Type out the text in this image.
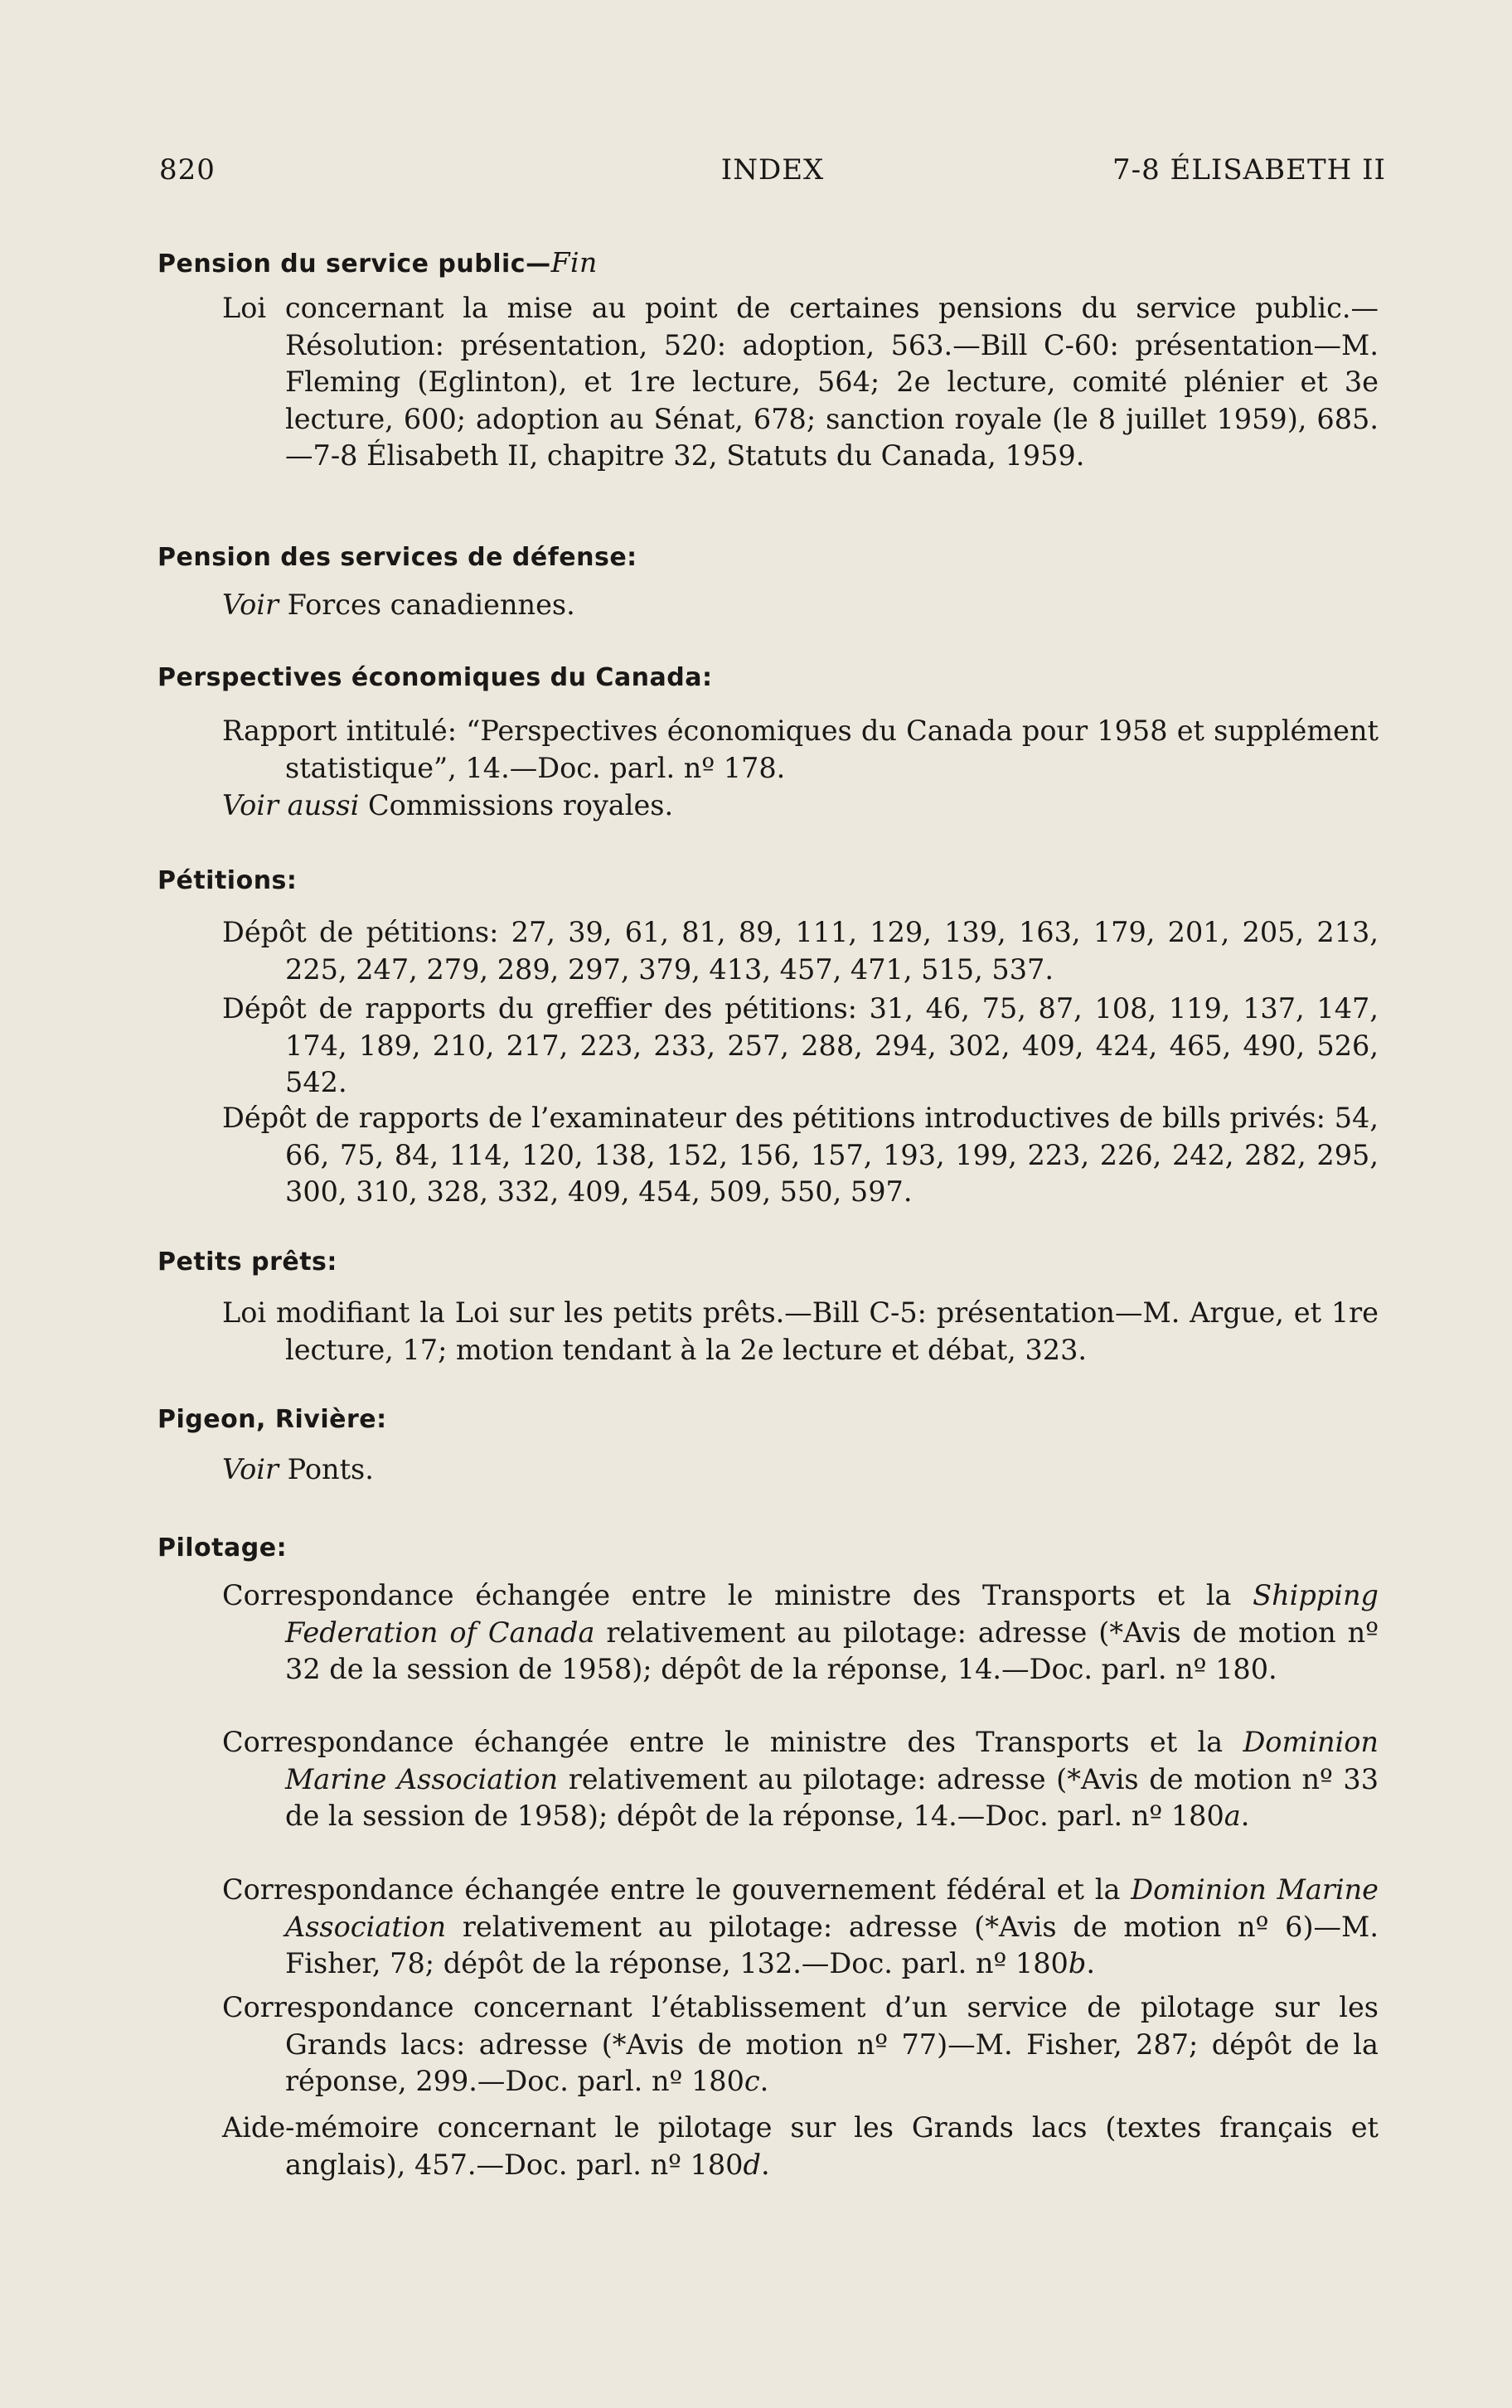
820	INDEX	7-8 ÉLISABETH II
Pension du service public—Fin
Loi concernant la mise au point de certaines pensions du service public.—Résolution: présentation, 520: adoption, 563.—Bill C-60: présentation—M. Fleming (Eglinton), et 1re lecture, 564; 2e lecture, comité plénier et 3e lecture, 600; adoption au Sénat, 678; sanction royale (le 8 juillet 1959), 685.—7-8 Élisabeth II, chapitre 32, Statuts du Canada, 1959.
Pension des services de défense:
Voir Forces canadiennes.
Perspectives économiques du Canada:
Rapport intitulé: “Perspectives économiques du Canada pour 1958 et supplément statistique”, 14.—Doc. parl. nº 178.
Voir aussi Commissions royales.
Pétitions:
Dépôt de pétitions: 27, 39, 61, 81, 89, 111, 129, 139, 163, 179, 201, 205, 213, 225, 247, 279, 289, 297, 379, 413, 457, 471, 515, 537.
Dépôt de rapports du greffier des pétitions: 31, 46, 75, 87, 108, 119, 137, 147, 174, 189, 210, 217, 223, 233, 257, 288, 294, 302, 409, 424, 465, 490, 526, 542.
Dépôt de rapports de l’examinateur des pétitions introductives de bills privés: 54, 66, 75, 84, 114, 120, 138, 152, 156, 157, 193, 199, 223, 226, 242, 282, 295, 300, 310, 328, 332, 409, 454, 509, 550, 597.
Petits prêts:
Loi modifiant la Loi sur les petits prêts.—Bill C-5: présentation—M. Argue, et 1re lecture, 17; motion tendant à la 2e lecture et débat, 323.
Pigeon, Rivière:
Voir Ponts.
Pilotage:
Correspondance échangée entre le ministre des Transports et la Shipping Federation of Canada relativement au pilotage: adresse (*Avis de motion nº 32 de la session de 1958); dépôt de la réponse, 14.—Doc. parl. nº 180.
Correspondance échangée entre le ministre des Transports et la Dominion Marine Association relativement au pilotage: adresse (*Avis de motion nº 33 de la session de 1958); dépôt de la réponse, 14.—Doc. parl. nº 180a.
Correspondance échangée entre le gouvernement fédéral et la Dominion Marine Association relativement au pilotage: adresse (*Avis de motion nº 6)—M. Fisher, 78; dépôt de la réponse, 132.—Doc. parl. nº 180b.
Correspondance concernant l’établissement d’un service de pilotage sur les Grands lacs: adresse (*Avis de motion nº 77)—M. Fisher, 287; dépôt de la réponse, 299.—Doc. parl. nº 180c.
Aide-mémoire concernant le pilotage sur les Grands lacs (textes français et anglais), 457.—Doc. parl. nº 180d.
